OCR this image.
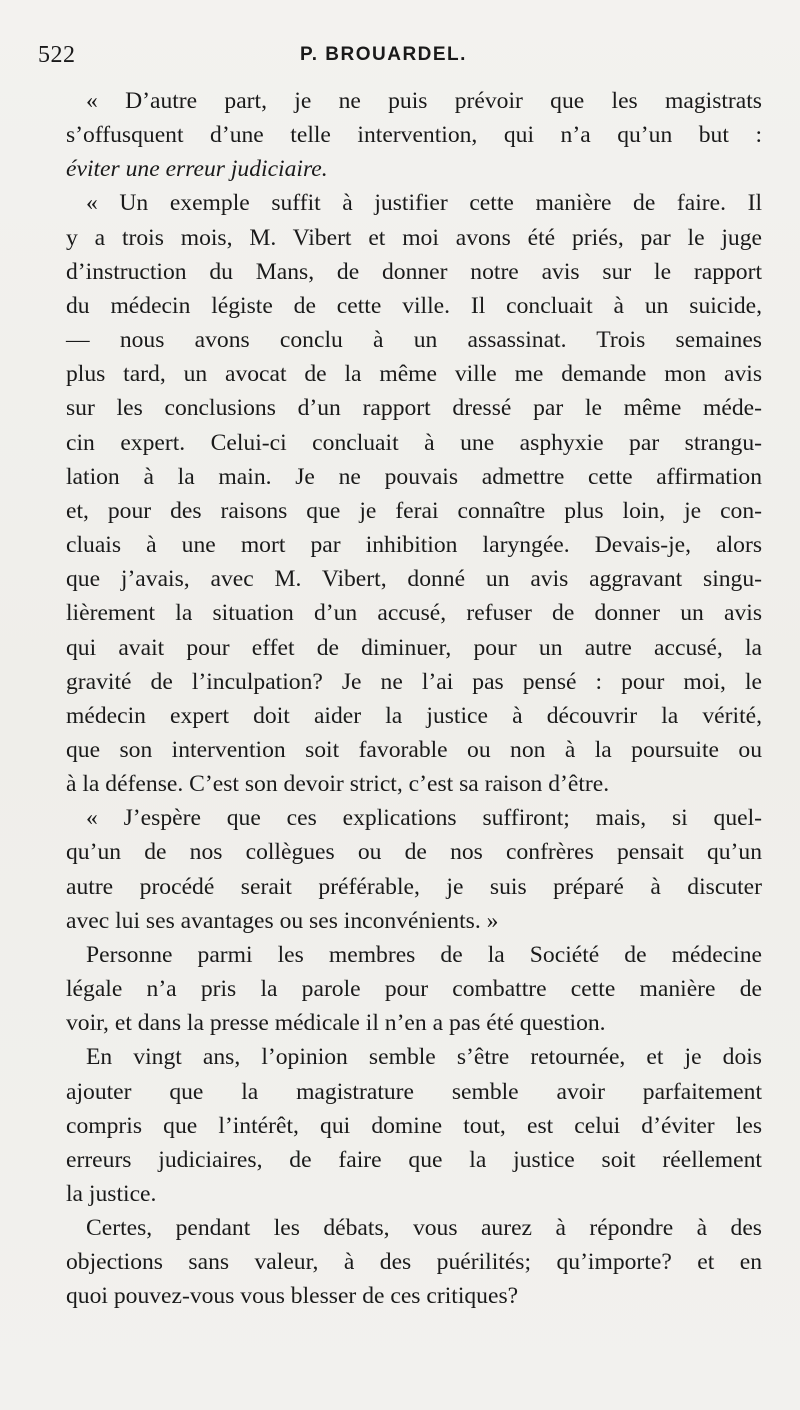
522	P. BROUARDEL.
« D’autre part, je ne puis prévoir que les magistrats
s’offusquent d’une telle intervention, qui n’a qu’un but :
éviter une erreur judiciaire.
« Un exemple suffit à justifier cette manière de faire. Il
y a trois mois, M. Vibert et moi avons été priés, par le juge
d’instruction du Mans, de donner notre avis sur le rapport
du médecin légiste de cette ville. Il concluait à un suicide,
— nous avons conclu à un assassinat. Trois semaines
plus tard, un avocat de la même ville me demande mon avis
sur les conclusions d’un rapport dressé par le même méde-
cin expert. Celui-ci concluait à une asphyxie par strangu-
lation à la main. Je ne pouvais admettre cette affirmation
et, pour des raisons que je ferai connaître plus loin, je con-
cluais à une mort par inhibition laryngée. Devais-je, alors
que j’avais, avec M. Vibert, donné un avis aggravant singu-
lièrement la situation d’un accusé, refuser de donner un avis
qui avait pour effet de diminuer, pour un autre accusé, la
gravité de l’inculpation? Je ne l’ai pas pensé : pour moi, le
médecin expert doit aider la justice à découvrir la vérité,
que son intervention soit favorable ou non à la poursuite ou
à la défense. C’est son devoir strict, c’est sa raison d’être.
« J’espère que ces explications suffiront; mais, si quel-
qu’un de nos collègues ou de nos confrères pensait qu’un
autre procédé serait préférable, je suis préparé à discuter
avec lui ses avantages ou ses inconvénients. »
Personne parmi les membres de la Société de médecine
légale n’a pris la parole pour combattre cette manière de
voir, et dans la presse médicale il n’en a pas été question.
En vingt ans, l’opinion semble s’être retournée, et je dois
ajouter que la magistrature semble avoir parfaitement
compris que l’intérêt, qui domine tout, est celui d’éviter les
erreurs judiciaires, de faire que la justice soit réellement
la justice.
Certes, pendant les débats, vous aurez à répondre à des
objections sans valeur, à des puérilités; qu’importe? et en
quoi pouvez-vous vous blesser de ces critiques?
